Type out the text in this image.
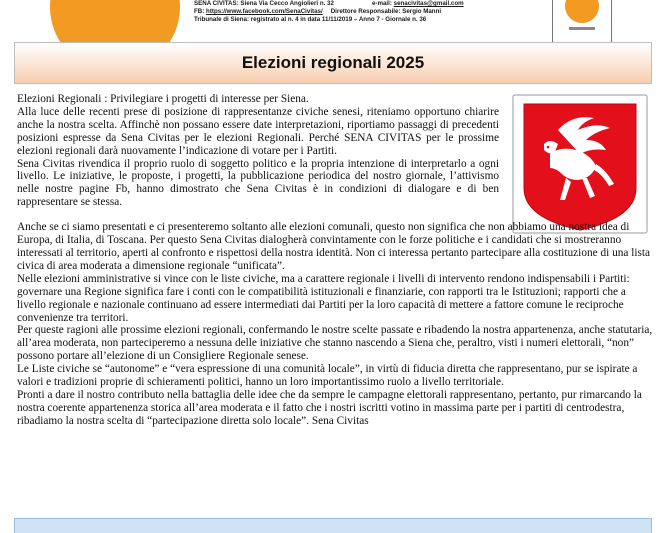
SENA CIVITAS: Siena Via Cecco Angiolieri n. 32	e-mail: senacivitas@gmail.com
FB: https://www.facebook.com/SenaCivitas/ Direttore Responsabile: Sergio Manni
Tribunale di Siena: registrato al n. 4 in data 11/11/2019 – Anno 7 - Giornale n. 36
Elezioni regionali 2025

Elezioni Regionali : Privilegiare i progetti di interesse per Siena.

Alla luce delle recenti prese di posizione di rappresentanze civiche senesi, riteniamo opportuno chiarire anche la nostra scelta. Affinchè non possano essere date interpretazioni, riportiamo passaggi di precedenti posizioni espresse da Sena Civitas per le elezioni Regionali. Perché SENA CIVITAS per le prossime elezioni regionali darà nuovamente l’indicazione di votare per i Partiti.

Sena Civitas rivendica il proprio ruolo di soggetto politico e la propria intenzione di interpretarlo a ogni livello. Le iniziative, le proposte, i progetti, la pubblicazione periodica del nostro giornale, l’attivismo nelle nostre pagine Fb, hanno dimostrato che Sena Civitas è in condizioni di dialogare e di ben rappresentare se stessa.

Anche se ci siamo presentati e ci presenteremo soltanto alle elezioni comunali, questo non significa che non abbiamo una nostra idea di Europa, di Italia, di Toscana. Per questo Sena Civitas dialogherà convintamente con le forze politiche e i candidati che si mostreranno interessati al territorio, aperti al confronto e rispettosi della nostra identità. Non ci interessa pertanto partecipare alla costituzione di una lista civica di area moderata a dimensione regionale “unificata”.

Nelle elezioni amministrative si vince con le liste civiche, ma a carattere regionale i livelli di intervento rendono indispensabili i Partiti: governare una Regione significa fare i conti con le compatibilità istituzionali e finanziarie, con rapporti tra le Istituzioni; rapporti che a livello regionale e nazionale continuano ad essere intermediati dai Partiti per la loro capacità di mettere a fattore comune le reciproche convenienze tra territori.

Per queste ragioni alle prossime elezioni regionali, confermando le nostre scelte passate e ribadendo la nostra appartenenza, anche statutaria, all’area moderata, non parteciperemo a nessuna delle iniziative che stanno nascendo a Siena che, peraltro, visti i numeri elettorali, “non” possono portare all’elezione di un Consigliere Regionale senese.

Le Liste civiche se “autonome” e “vera espressione di una comunità locale”, in virtù di fiducia diretta che rappresentano, pur se ispirate a valori e tradizioni proprie di schieramenti politici, hanno un loro importantissimo ruolo a livello territoriale.

Pronti a dare il nostro contributo nella battaglia delle idee che da sempre le campagne elettorali rappresentano, pertanto, pur rimarcando la nostra coerente appartenenza storica all’area moderata e il fatto che i nostri iscritti votino in massima parte per i partiti di centrodestra, ribadiamo la nostra scelta di “partecipazione diretta solo locale”. Sena Civitas
